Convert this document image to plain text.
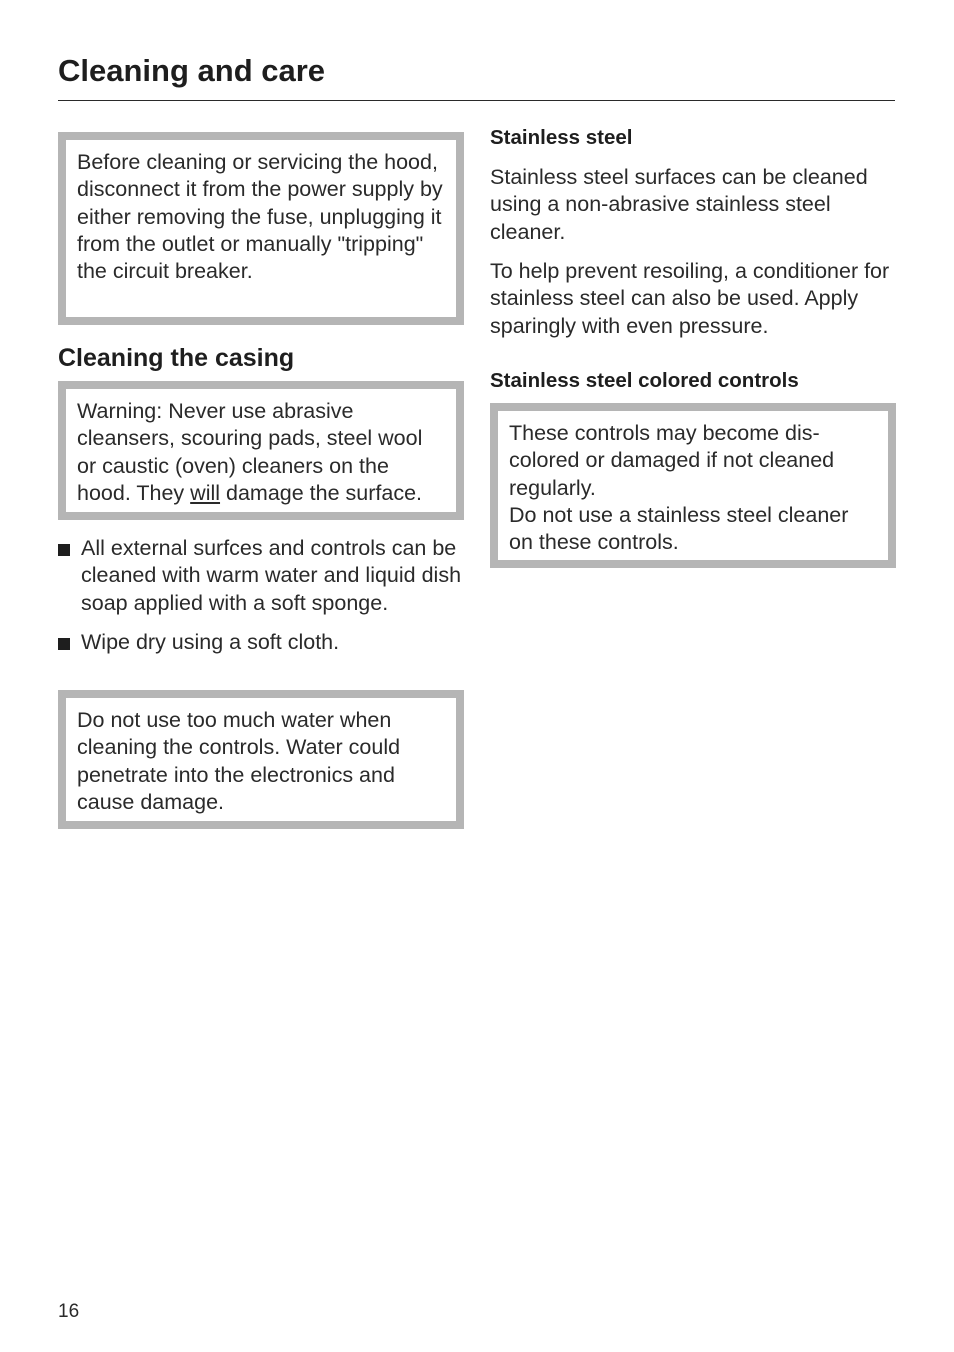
Cleaning and care

Before cleaning or servicing the hood, disconnect it from the power supply by either removing the fuse, unplugging it from the outlet or manually "tripping" the circuit breaker.

Cleaning the casing

Warning: Never use abrasive cleansers, scouring pads, steel wool or caustic (oven) cleaners on the hood. They will damage the surface.

All external surfces and controls can be cleaned with warm water and liquid dish soap applied with a soft sponge.
Wipe dry using a soft cloth.

Do not use too much water when cleaning the controls. Water could penetrate into the electronics and cause damage.

Stainless steel

Stainless steel surfaces can be cleaned using a non-abrasive stainless steel cleaner.

To help prevent resoiling, a conditioner for stainless steel can also be used. Apply sparingly with even pressure.

Stainless steel colored controls

These controls may become dis-colored or damaged if not cleaned regularly.

Do not use a stainless steel cleaner on these controls.

16
